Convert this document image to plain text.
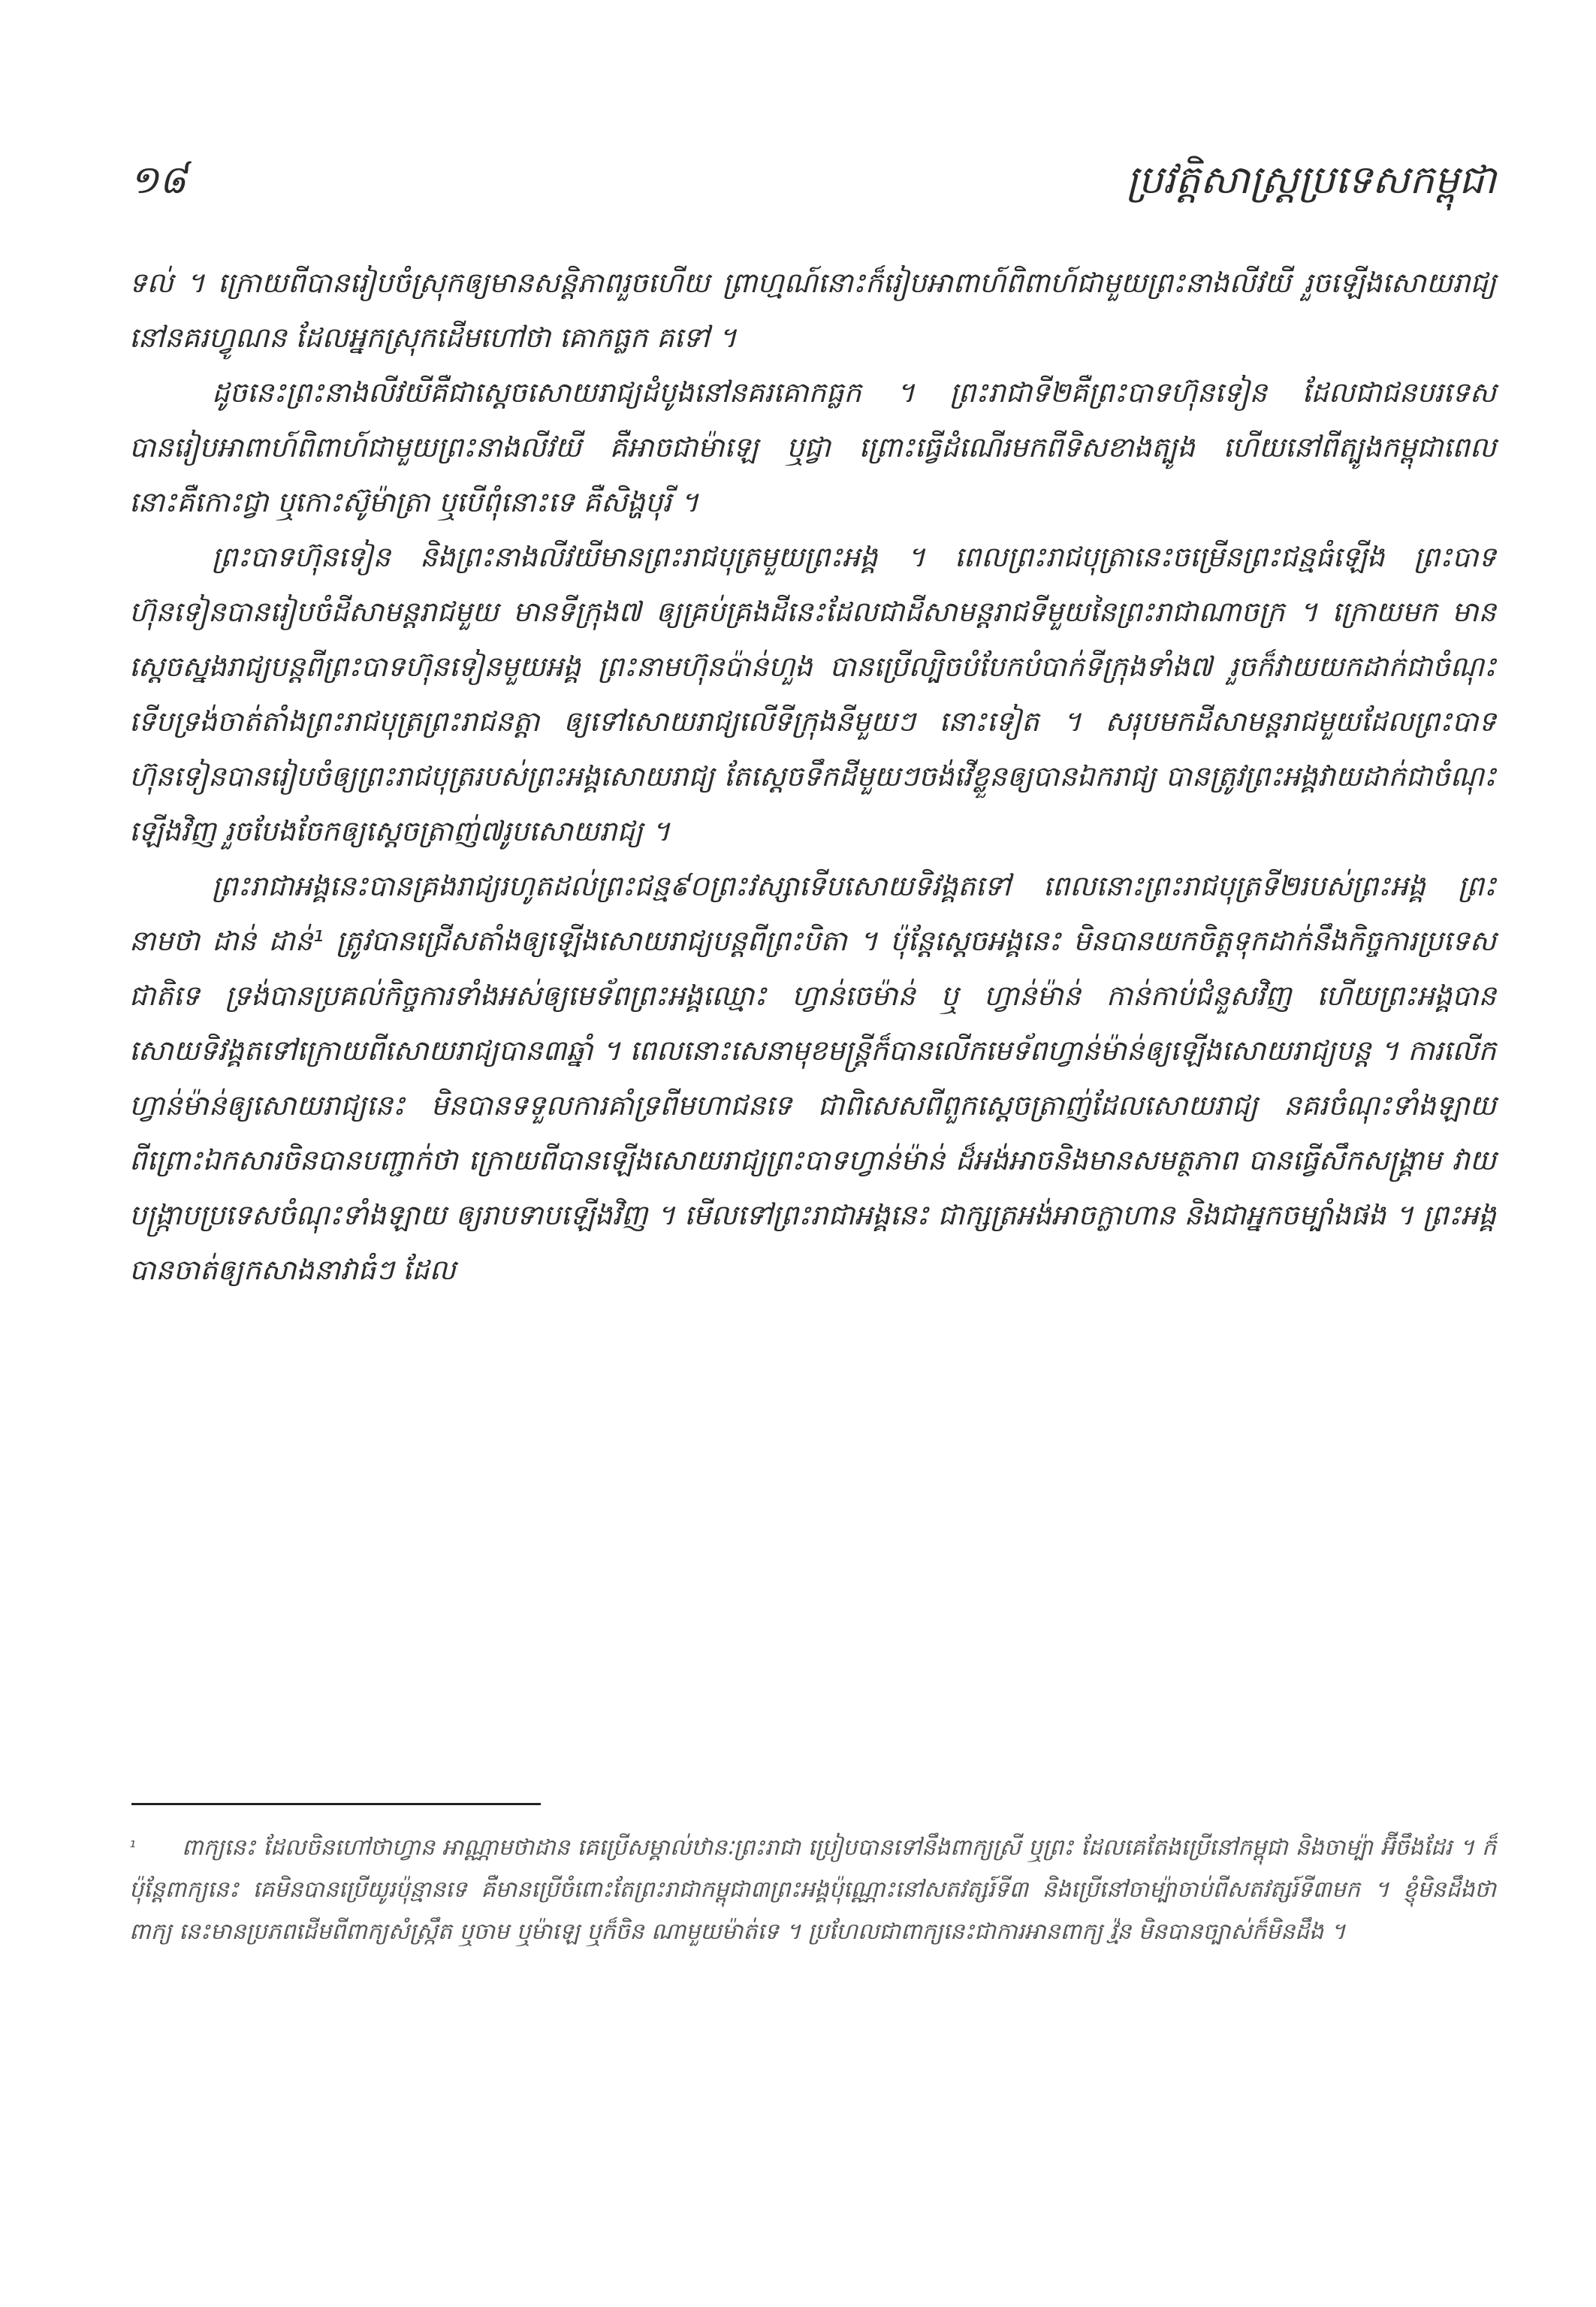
១៨	ប្រវត្តិសាស្ត្រប្រទេសកម្ពុជា

ទល់ ។ ក្រោយពីបានរៀបចំស្រុកឲ្យមានសន្តិភាពរួចហើយ ព្រាហ្មណ៍នោះក៏រៀបអាពាហ៍ពិពាហ៍ជាមួយព្រះនាងលីវយី រួចឡើងសោយរាជ្យនៅនគរហ្វូណន ដែលអ្នកស្រុកដើមហៅថា គោកធ្លក គទៅ ។

ដូចនេះព្រះនាងលីវយីគឺជាស្តេចសោយរាជ្យដំបូងនៅនគរគោកធ្លក ។ ព្រះរាជាទី២គឺព្រះបាទហ៊ុនទៀន ដែលជាជនបរទេសបានរៀបអាពាហ៍ពិពាហ៍ជាមួយព្រះនាងលីវយី គឺអាចជាម៉ាឡេ ឬជ្វា ព្រោះធ្វើដំណើរមកពីទិសខាងត្បូង ហើយនៅពីត្បូងកម្ពុជាពេលនោះគឺកោះជ្វា ឬកោះស៊ូម៉ាត្រា ឬបើពុំនោះទេ គឺសិង្ហបុរី ។

ព្រះបាទហ៊ុនទៀន និងព្រះនាងលីវយីមានព្រះរាជបុត្រមួយព្រះអង្គ ។ ពេលព្រះរាជបុត្រានេះចម្រើនព្រះជន្មធំឡើង ព្រះបាទហ៊ុនទៀនបានរៀបចំដីសាមន្តរាជមួយ មានទីក្រុង៧ ឲ្យគ្រប់គ្រងដីនេះដែលជាដីសាមន្តរាជទីមួយនៃព្រះរាជាណាចក្រ ។ ក្រោយមក មានស្តេចស្នងរាជ្យបន្តពីព្រះបាទហ៊ុនទៀនមួយអង្គ ព្រះនាមហ៊ុនប៉ាន់ហួង បានប្រើល្បិចបំបែកបំបាក់ទីក្រុងទាំង៧ រួចក៏វាយយកដាក់ជាចំណុះ ទើបទ្រង់ចាត់តាំងព្រះរាជបុត្រព្រះរាជនត្តា ឲ្យទៅសោយរាជ្យលើទីក្រុងនីមួយៗ នោះទៀត ។ សរុបមកដីសាមន្តរាជមួយដែលព្រះបាទហ៊ុនទៀនបានរៀបចំឲ្យព្រះរាជបុត្ររបស់ព្រះអង្គសោយរាជ្យ តែស្តេចទឹកដីមួយៗចង់វើខ្លួនឲ្យបានឯករាជ្យ បានត្រូវព្រះអង្គវាយដាក់ជាចំណុះឡើងវិញ រួចបែងចែកឲ្យស្តេចត្រាញ់៧រូបសោយរាជ្យ ។

ព្រះរាជាអង្គនេះបានគ្រងរាជ្យរហូតដល់ព្រះជន្ម៩០ព្រះវស្សាទើបសោយទិវង្គតទៅ ពេលនោះព្រះរាជបុត្រទី២របស់ព្រះអង្គ ព្រះនាមថា ដាន់ ដាន់¹ ត្រូវបានជ្រើសតាំងឲ្យឡើងសោយរាជ្យបន្តពីព្រះបិតា ។ ប៉ុន្តែស្តេចអង្គនេះ មិនបានយកចិត្តទុកដាក់នឹងកិច្ចការប្រទេសជាតិទេ ទ្រង់បានប្រគល់កិច្ចការទាំងអស់ឲ្យមេទ័ពព្រះអង្គឈ្មោះ ហ្វាន់ចេម៉ាន់ ឬ ហ្វាន់ម៉ាន់ កាន់កាប់ជំនួសវិញ ហើយព្រះអង្គបានសោយទិវង្គតទៅក្រោយពីសោយរាជ្យបាន៣ឆ្នាំ ។ ពេលនោះសេនាមុខមន្ត្រីក៏បានលើកមេទ័ពហ្វាន់ម៉ាន់ឲ្យឡើងសោយរាជ្យបន្ត ។ ការលើក ហ្វាន់ម៉ាន់ឲ្យសោយរាជ្យនេះ មិនបានទទួលការគាំទ្រពីមហាជនទេ ជាពិសេសពីពួកស្តេចត្រាញ់ដែលសោយរាជ្យ នគរចំណុះទាំងឡាយ ពីព្រោះឯកសារចិនបានបញ្ជាក់ថា ក្រោយពីបានឡើងសោយរាជ្យព្រះបាទហ្វាន់ម៉ាន់ ដ៏អង់អាចនិងមានសមត្ថភាព បានធ្វើសឹកសង្គ្រាម វាយបង្ក្រាបប្រទេសចំណុះទាំងឡាយ ឲ្យរាបទាបឡើងវិញ ។ មើលទៅព្រះរាជាអង្គនេះ ជាក្សត្រអង់អាចក្លាហាន និងជាអ្នកចម្បាំងផង ។ ព្រះអង្គបានចាត់ឲ្យកសាងនាវាធំៗ ដែល

¹ ពាក្យនេះ ដែលចិនហៅថាហ្វាន អាណ្ណាមថាដាន គេប្រើសម្គាល់ឋានៈព្រះរាជា ប្រៀបបានទៅនឹងពាក្យស្រី ឬព្រះ ដែលគេតែងប្រើនៅកម្ពុជា និងចាម្ប៉ា អ៊ីចឹងដែរ ។ ក៏ប៉ុន្តែពាក្យនេះ គេមិនបានប្រើយូរប៉ុន្មានទេ គឺមានប្រើចំពោះតែព្រះរាជាកម្ពុជា៣ព្រះអង្គប៉ុណ្ណោះនៅសតវត្សរ៍ទី៣ និងប្រើនៅចាម្ប៉ាចាប់ពីសតវត្សរ៍ទី៣មក ។ ខ្ញុំមិនដឹងថាពាក្យ នេះមានប្រភពដើមពីពាក្យសំស្ក្រឹត ឬចាម ឬម៉ាឡេ ឬក៏ចិន ណាមួយម៉ាត់ទេ ។ ប្រហែលជាពាក្យនេះជាការអានពាក្យ វ្ម៉ន មិនបានច្បាស់ក៏មិនដឹង ។
